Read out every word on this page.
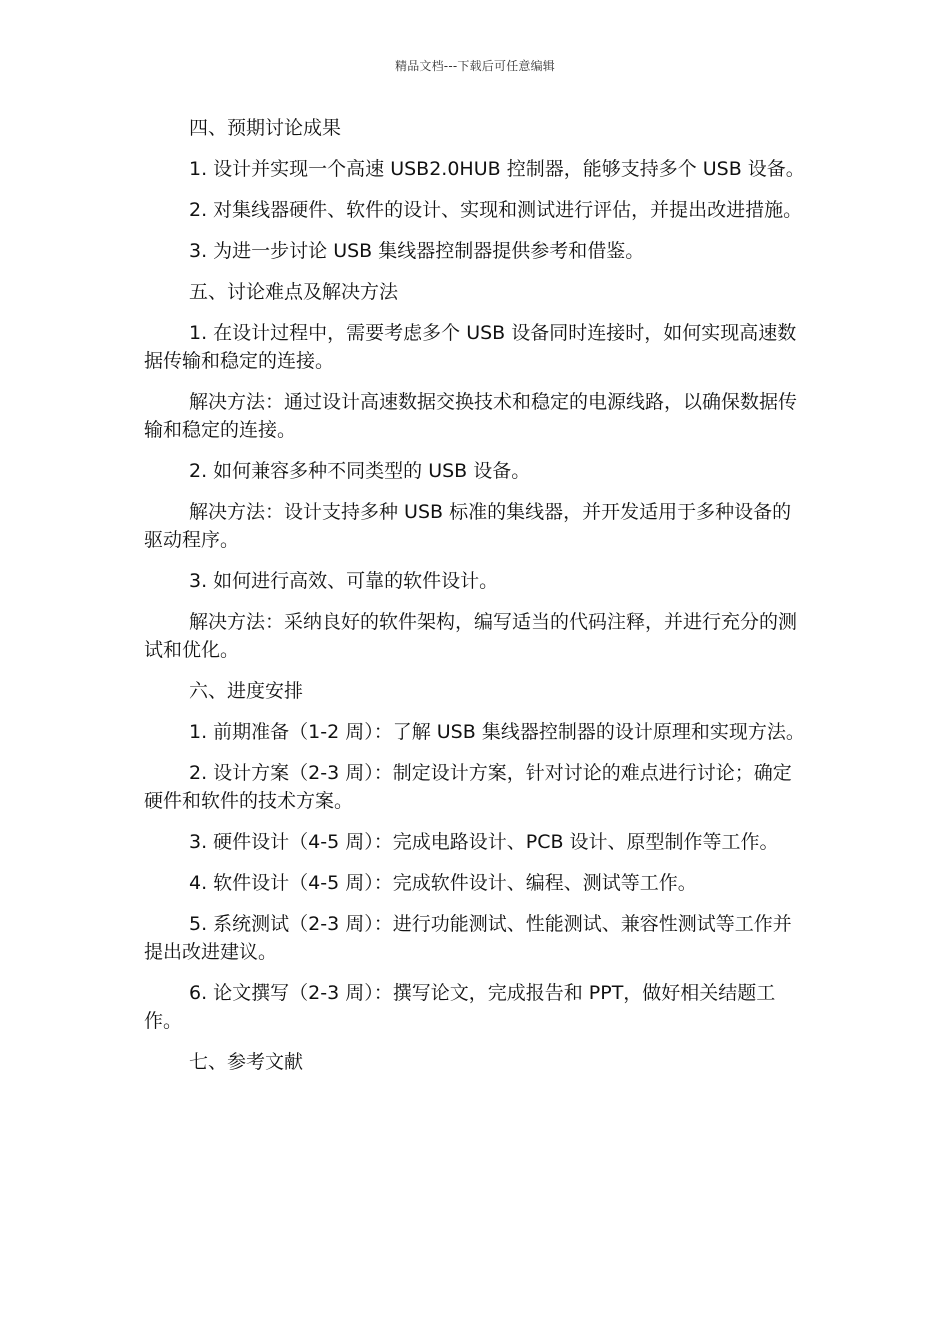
精品文档---下载后可任意编辑

四、预期讨论成果

1. 设计并实现一个高速 USB2.0HUB 控制器，能够支持多个 USB 设备。

2. 对集线器硬件、软件的设计、实现和测试进行评估，并提出改进措施。

3. 为进一步讨论 USB 集线器控制器提供参考和借鉴。

五、讨论难点及解决方法

1. 在设计过程中，需要考虑多个 USB 设备同时连接时，如何实现高速数据传输和稳定的连接。

解决方法：通过设计高速数据交换技术和稳定的电源线路，以确保数据传输和稳定的连接。

2. 如何兼容多种不同类型的 USB 设备。

解决方法：设计支持多种 USB 标准的集线器，并开发适用于多种设备的驱动程序。

3. 如何进行高效、可靠的软件设计。

解决方法：采纳良好的软件架构，编写适当的代码注释，并进行充分的测试和优化。

六、进度安排

1. 前期准备（1-2 周）：了解 USB 集线器控制器的设计原理和实现方法。

2. 设计方案（2-3 周）：制定设计方案，针对讨论的难点进行讨论；确定硬件和软件的技术方案。

3. 硬件设计（4-5 周）：完成电路设计、PCB 设计、原型制作等工作。

4. 软件设计（4-5 周）：完成软件设计、编程、测试等工作。

5. 系统测试（2-3 周）：进行功能测试、性能测试、兼容性测试等工作并提出改进建议。

6. 论文撰写（2-3 周）：撰写论文，完成报告和 PPT，做好相关结题工作。

七、参考文献
